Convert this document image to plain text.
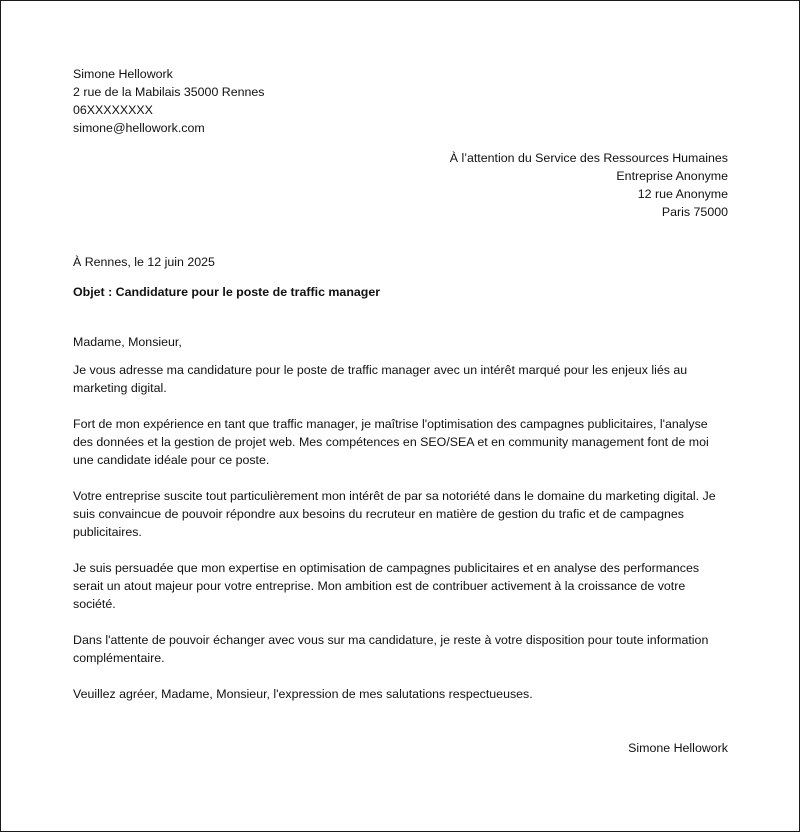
Simone Hellowork
2 rue de la Mabilais 35000 Rennes
06XXXXXXXX
simone@hellowork.com
À l’attention du Service des Ressources Humaines
Entreprise Anonyme
12 rue Anonyme
Paris 75000
À Rennes, le 12 juin 2025
Objet : Candidature pour le poste de traffic manager
Madame, Monsieur,
Je vous adresse ma candidature pour le poste de traffic manager avec un intérêt marqué pour les enjeux liés au marketing digital.
Fort de mon expérience en tant que traffic manager, je maîtrise l'optimisation des campagnes publicitaires, l'analyse des données et la gestion de projet web. Mes compétences en SEO/SEA et en community management font de moi une candidate idéale pour ce poste.
Votre entreprise suscite tout particulièrement mon intérêt de par sa notoriété dans le domaine du marketing digital. Je suis convaincue de pouvoir répondre aux besoins du recruteur en matière de gestion du trafic et de campagnes publicitaires.
Je suis persuadée que mon expertise en optimisation de campagnes publicitaires et en analyse des performances serait un atout majeur pour votre entreprise. Mon ambition est de contribuer activement à la croissance de votre société.
Dans l'attente de pouvoir échanger avec vous sur ma candidature, je reste à votre disposition pour toute information complémentaire.
Veuillez agréer, Madame, Monsieur, l'expression de mes salutations respectueuses.
Simone Hellowork
